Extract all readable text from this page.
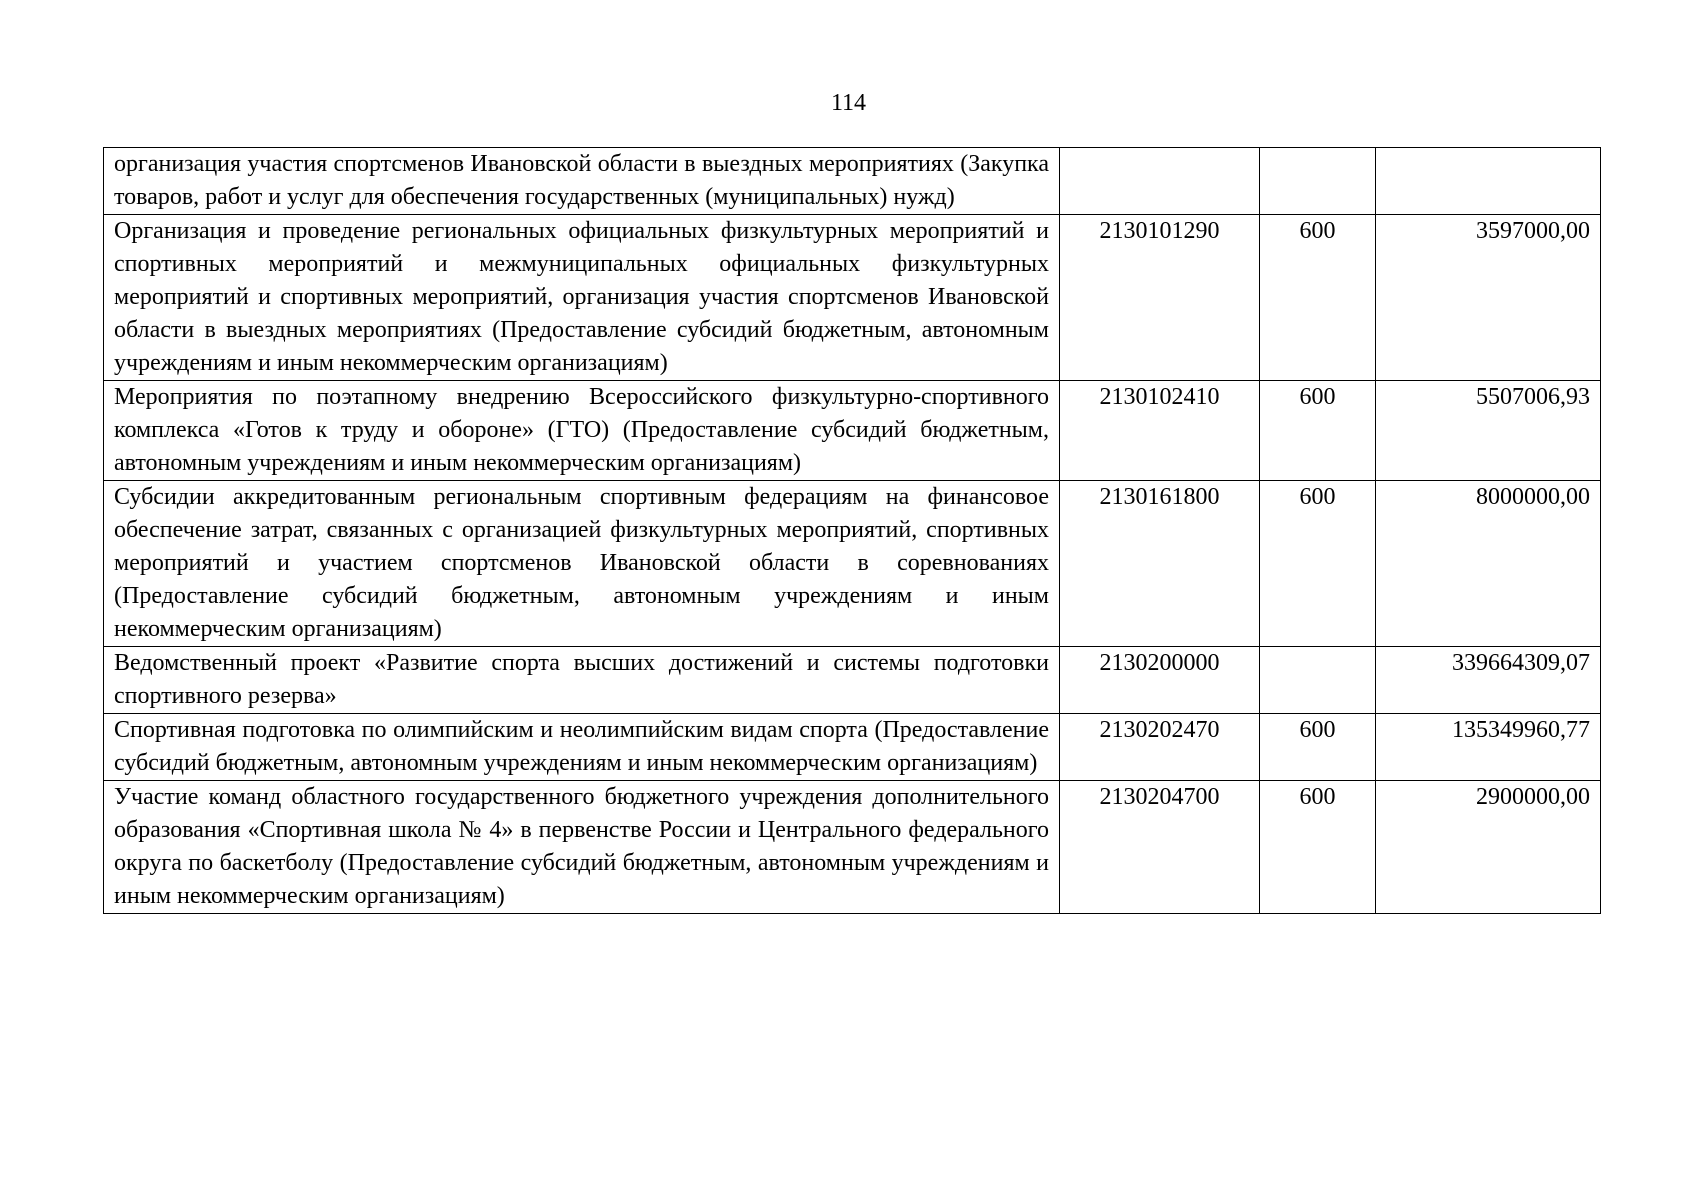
114
организация участия спортсменов Ивановской области в выездных мероприятиях (Закупка товаров, работ и услуг для обеспечения государственных (муниципальных) нужд)			
Организация и проведение региональных официальных физкультурных мероприятий и спортивных мероприятий и межмуниципальных официальных физкультурных мероприятий и спортивных мероприятий, организация участия спортсменов Ивановской области в выездных мероприятиях (Предоставление субсидий бюджетным, автономным учреждениям и иным некоммерческим организациям)	2130101290	600	3597000,00
Мероприятия по поэтапному внедрению Всероссийского физкультурно-спортивного комплекса «Готов к труду и обороне» (ГТО) (Предоставление субсидий бюджетным, автономным учреждениям и иным некоммерческим организациям)	2130102410	600	5507006,93
Субсидии аккредитованным региональным спортивным федерациям на финансовое обеспечение затрат, связанных с организацией физкультурных мероприятий, спортивных мероприятий и участием спортсменов Ивановской области в соревнованиях (Предоставление субсидий бюджетным, автономным учреждениям и иным некоммерческим организациям)	2130161800	600	8000000,00
Ведомственный проект «Развитие спорта высших достижений и системы подготовки спортивного резерва»	2130200000		339664309,07
Спортивная подготовка по олимпийским и неолимпийским видам спорта (Предоставление субсидий бюджетным, автономным учреждениям и иным некоммерческим организациям)	2130202470	600	135349960,77
Участие команд областного государственного бюджетного учреждения дополнительного образования «Спортивная школа № 4» в первенстве России и Центрального федерального округа по баскетболу (Предоставление субсидий бюджетным, автономным учреждениям и иным некоммерческим организациям)	2130204700	600	2900000,00
